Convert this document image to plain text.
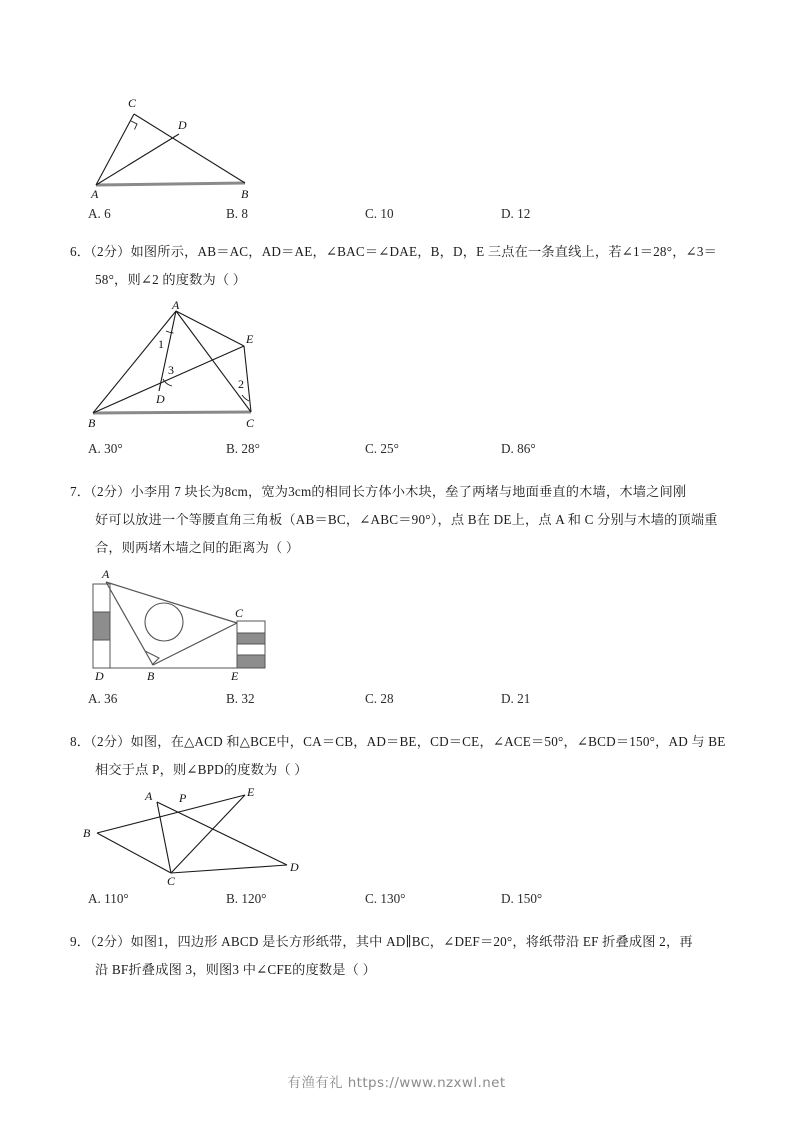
C
D
A	B
A. 6	B. 8	C. 10	D. 12
6．（2分）如图所示，AB＝AC，AD＝AE，∠BAC＝∠DAE，B，D，E 三点在一条直线上，若∠1＝28°，∠3＝
58°，则∠2 的度数为（ ）
A
E
1
3
2
D
B	C
A. 30°	B. 28°	C. 25°	D. 86°
7．（2分）小李用 7 块长为8cm，宽为3cm的相同长方体小木块，垒了两堵与地面垂直的木墙，木墙之间刚
好可以放进一个等腰直角三角板（AB＝BC，∠ABC＝90°），点 B在 DE上，点 A 和 C 分别与木墙的顶端重
合，则两堵木墙之间的距离为（ ）
A
C
D	B	E
A. 36	B. 32	C. 28	D. 21
8．（2分）如图，在△ACD 和△BCE中，CA＝CB，AD＝BE，CD＝CE，∠ACE＝50°，∠BCD＝150°，AD 与 BE
相交于点 P，则∠BPD的度数为（ ）
A P	E
B
C
D
A. 110°	B. 120°	C. 130°	D. 150°
9．（2分）如图1，四边形 ABCD 是长方形纸带，其中 AD∥BC，∠DEF＝20°，将纸带沿 EF 折叠成图 2，再
沿 BF折叠成图 3，则图3 中∠CFE的度数是（ ）
有渔有礼 https://www.nzxwl.net
